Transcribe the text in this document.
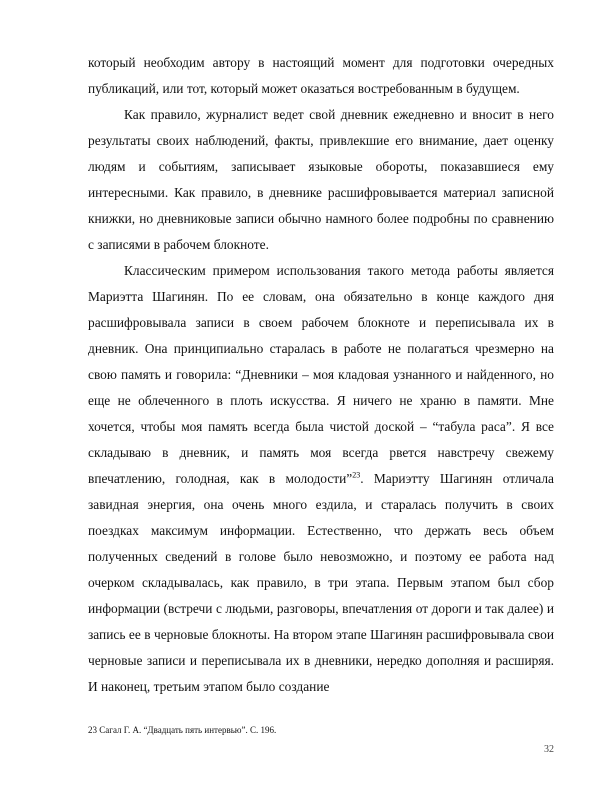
который необходим автору в настоящий момент для подготовки очередных публикаций, или тот, который может оказаться востребованным в будущем.

Как правило, журналист ведет свой дневник ежедневно и вносит в него результаты своих наблюдений, факты, привлекшие его внимание, дает оценку людям и событиям, записывает языковые обороты, показавшиеся ему интересными. Как правило, в дневнике расшифровывается материал записной книжки, но дневниковые записи обычно намного более подробны по сравнению с записями в рабочем блокноте.

Классическим примером использования такого метода работы является Мариэтта Шагинян. По ее словам, она обязательно в конце каждого дня расшифровывала записи в своем рабочем блокноте и переписывала их в дневник. Она принципиально старалась в работе не полагаться чрезмерно на свою память и говорила: “Дневники – моя кладовая узнанного и найденного, но еще не облеченного в плоть искусства. Я ничего не храню в памяти. Мне хочется, чтобы моя память всегда была чистой доской – “табула раса”. Я все складываю в дневник, и память моя всегда рвется навстречу свежему впечатлению, голодная, как в молодости”$^{23}$. Мариэтту Шагинян отличала завидная энергия, она очень много ездила, и старалась получить в своих поездках максимум информации. Естественно, что держать весь объем полученных сведений в голове было невозможно, и поэтому ее работа над очерком складывалась, как правило, в три этапа. Первым этапом был сбор информации (встречи с людьми, разговоры, впечатления от дороги и так далее) и запись ее в черновые блокноты. На втором этапе Шагинян расшифровывала свои черновые записи и переписывала их в дневники, нередко дополняя и расширяя. И наконец, третьим этапом было создание

23 Сагал Г. А. “Двадцать пять интервью”. С. 196.
32
